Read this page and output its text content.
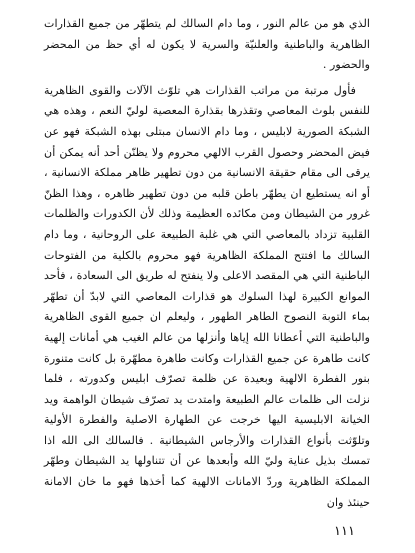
الذي هو من عالم النور ، وما دام السالك لم يتطهّر من جميع القذارات الظاهرية والباطنية والعلنيّة والسرية لا يكون له أي حظ من المحضر والحضور .

فأول مرتبة من مراتب القذارات هي تلوّث الآلات والقوى الظاهرية للنفس بلوث المعاصي وتقذرها بقذارة المعصية لوليّ النعم ، وهذه هي الشبكة الصورية لابليس ، وما دام الانسان مبتلى بهذه الشبكة فهو عن فيض المحضر وحصول القرب الالهي محروم ولا يظنّن أحد أنه يمكن أن يرقى الى مقام حقيقة الانسانية من دون تطهير ظاهر مملكة الانسانية ، أو انه يستطيع ان يطهّر باطن قلبه من دون تطهير ظاهره ، وهذا الظنّ غرور من الشيطان ومن مكائده العظيمة وذلك لأن الكدورات والظلمات القلبية تزداد بالمعاصي التي هي غلبة الطبيعة على الروحانية ، وما دام السالك ما افتتح المملكة الظاهرية فهو محروم بالكلية من الفتوحات الباطنية التي هي المقصد الاعلى ولا ينفتح له طريق الى السعادة ، فأحد الموانع الكبيرة لهذا السلوك هو قذارات المعاصي التي لابدّ أن تطهّر بماء التوبة النصوح الطاهر الطهور ، وليعلم ان جميع القوى الظاهرية والباطنية التي أعطانا الله إياها وأنزلها من عالم الغيب هي أمانات إلهية كانت طاهرة عن جميع القذارات وكانت طاهرة مطهّرة بل كانت متنورة بنور الفطرة الالهية وبعيدة عن ظلمة تصرّف ابليس وكدورته ، فلما نزلت الى ظلمات عالم الطبيعة وامتدت يد تصرّف شيطان الواهمة ويد الخيانة الابليسية اليها خرجت عن الطهارة الاصلية والفطرة الأولية وتلوّثت بأنواع القذارات والأرجاس الشيطانية . فالسالك الى الله اذا تمسك بذيل عناية وليّ الله وأبعدها عن أن تتناولها يد الشيطان وطهّر المملكة الظاهرية وردّ الامانات الالهية كما أخذها فهو ما خان الامانة حينئذ وان

١١١
